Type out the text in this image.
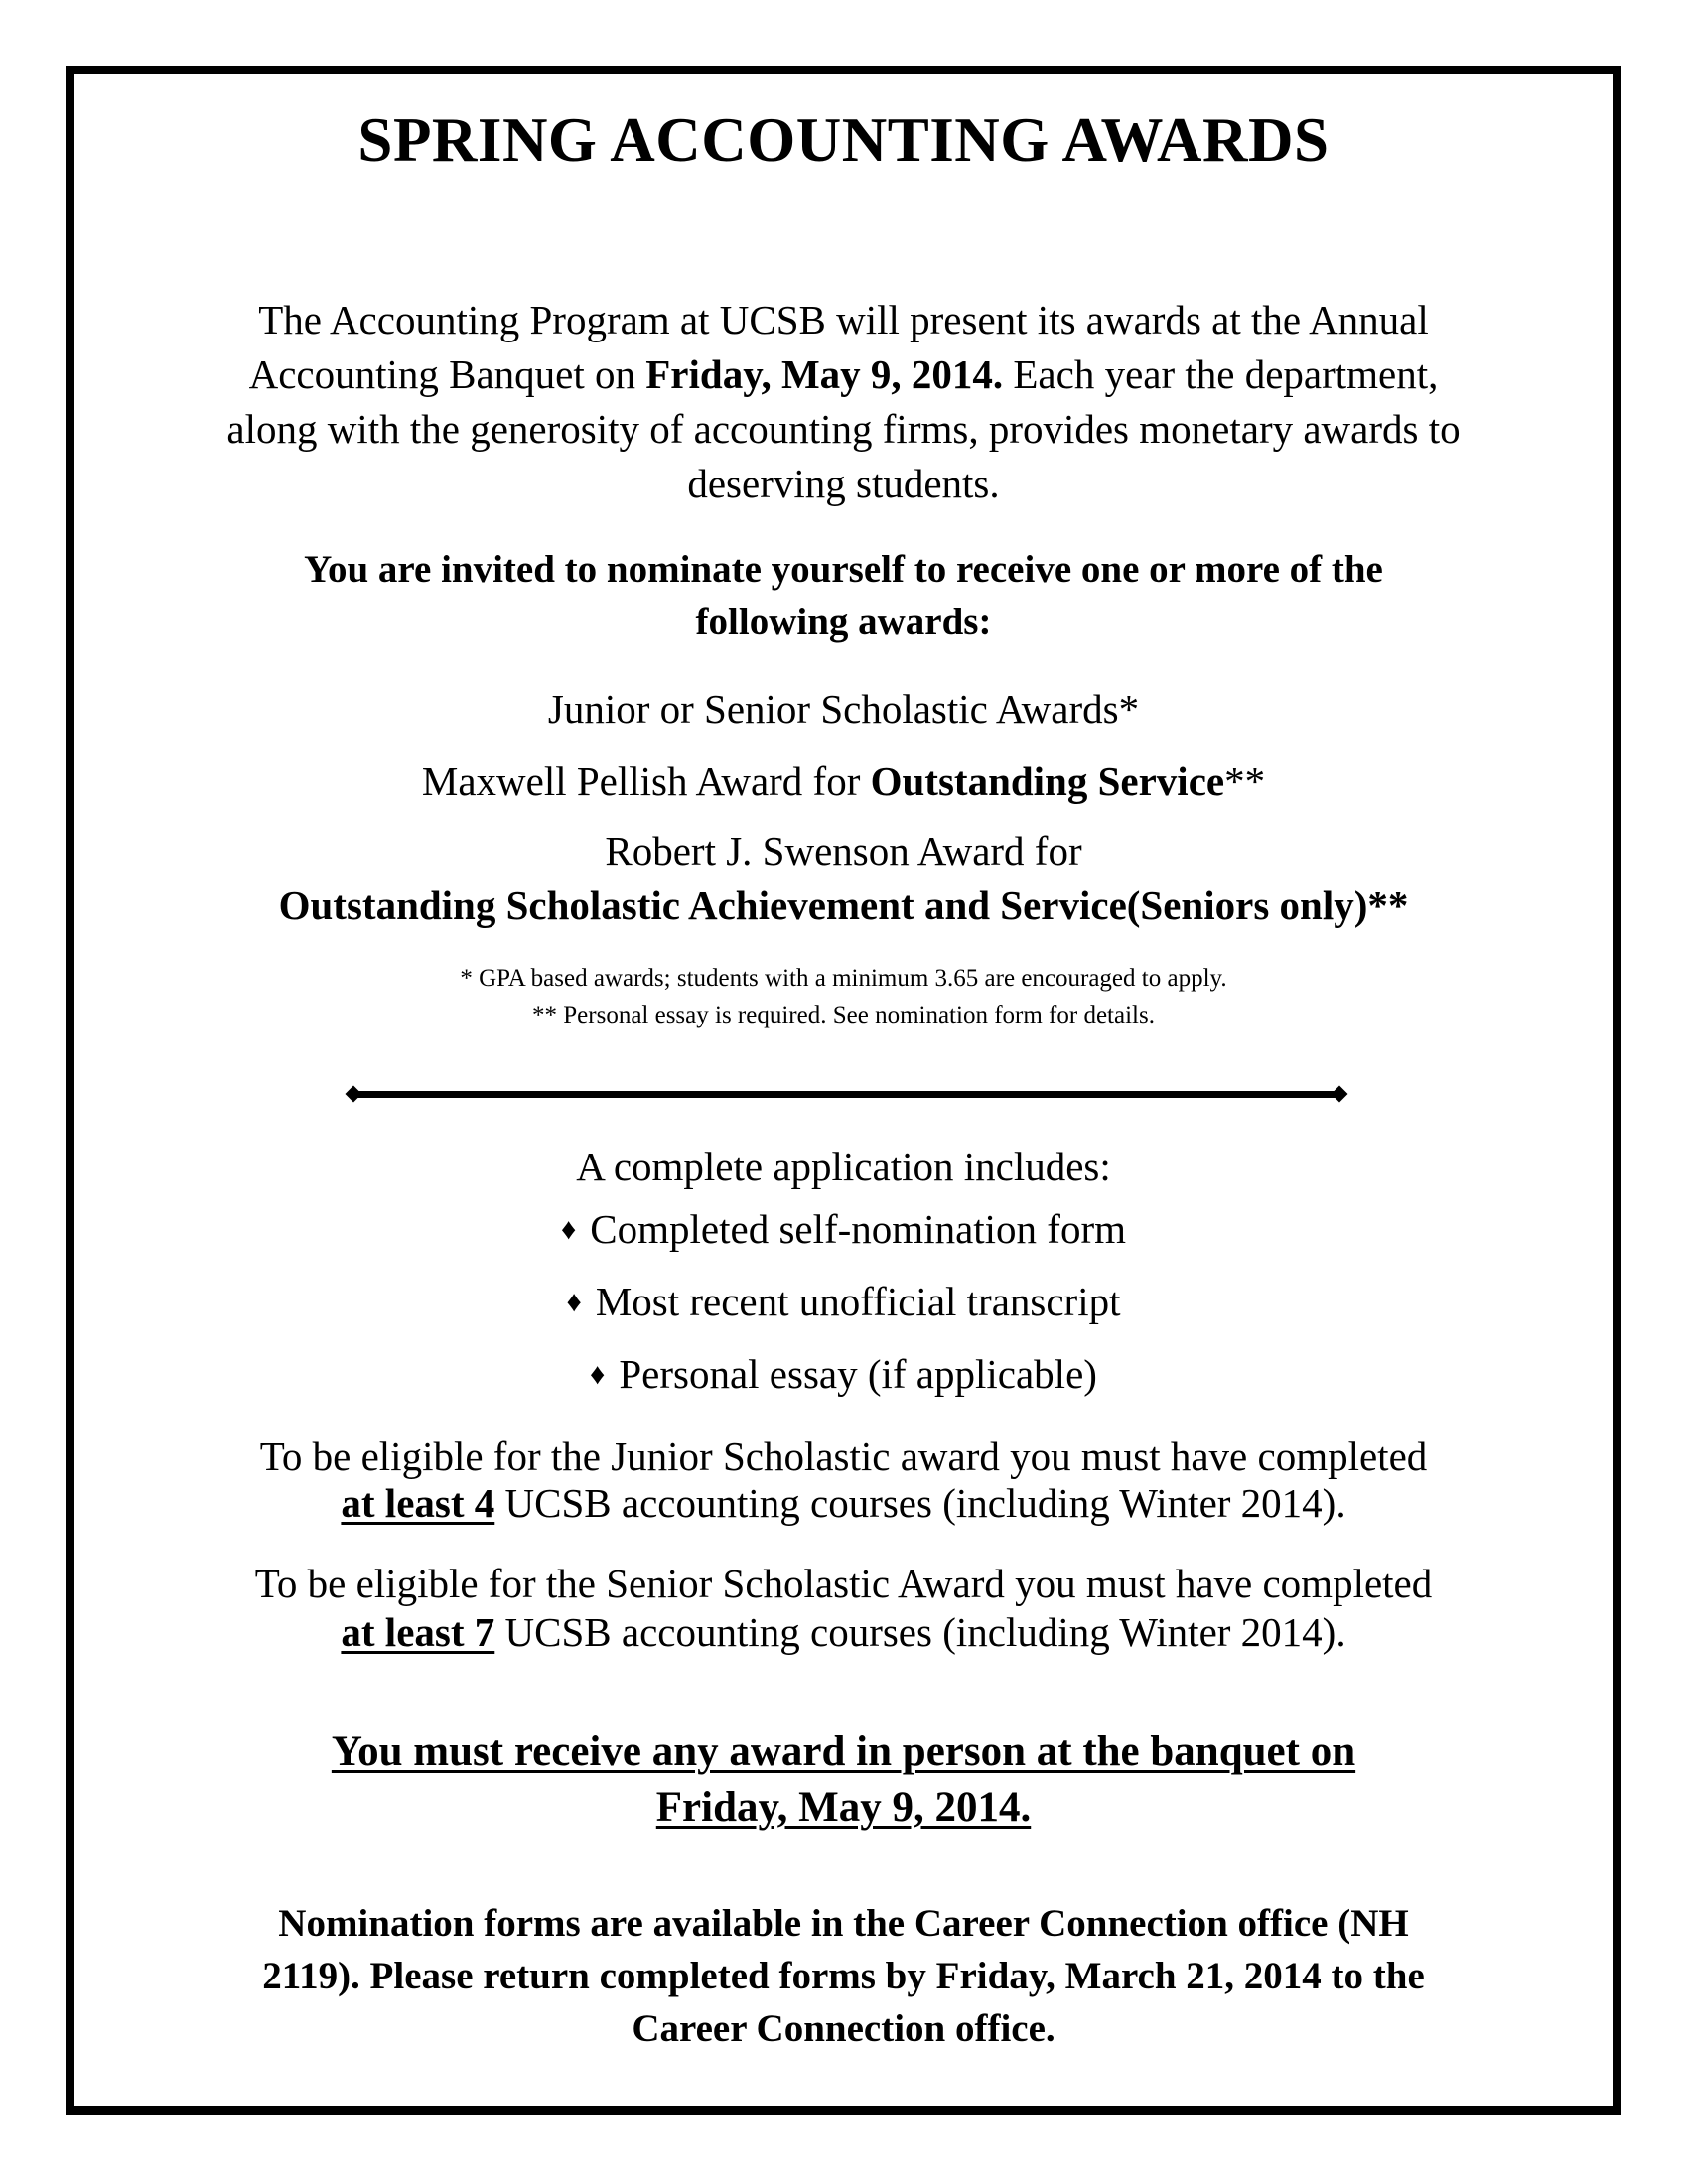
SPRING ACCOUNTING AWARDS
The Accounting Program at UCSB will present its awards at the Annual
Accounting Banquet on Friday, May 9, 2014. Each year the department,
along with the generosity of accounting firms, provides monetary awards to
deserving students.
You are invited to nominate yourself to receive one or more of the
following awards:
Junior or Senior Scholastic Awards*
Maxwell Pellish Award for Outstanding Service**
Robert J. Swenson Award for
Outstanding Scholastic Achievement and Service(Seniors only)**
* GPA based awards; students with a minimum 3.65 are encouraged to apply.
** Personal essay is required. See nomination form for details.
A complete application includes:
♦ Completed self-nomination form
♦ Most recent unofficial transcript
♦ Personal essay (if applicable)
To be eligible for the Junior Scholastic award you must have completed
at least 4 UCSB accounting courses (including Winter 2014).
To be eligible for the Senior Scholastic Award you must have completed
at least 7 UCSB accounting courses (including Winter 2014).
You must receive any award in person at the banquet on
Friday, May 9, 2014.
Nomination forms are available in the Career Connection office (NH
2119). Please return completed forms by Friday, March 21, 2014 to the
Career Connection office.
